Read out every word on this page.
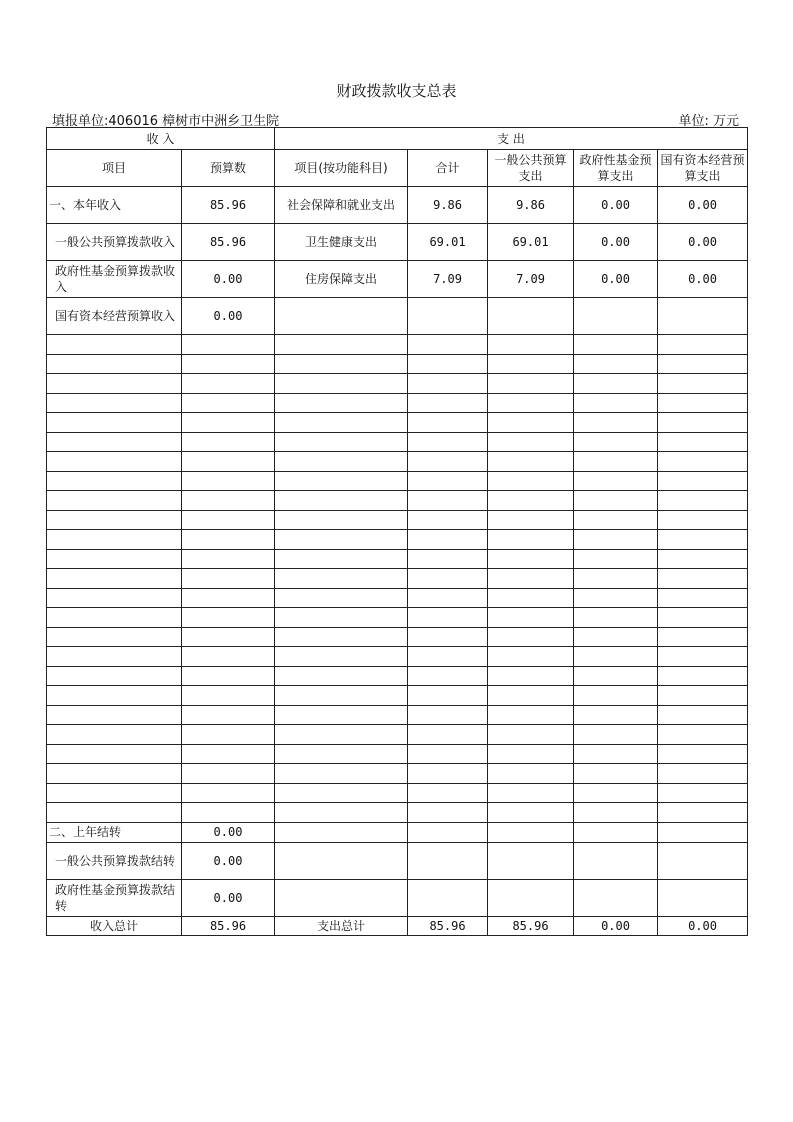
财政拨款收支总表
填报单位:406016 樟树市中洲乡卫生院	单位: 万元
收 入		支 出				
项目	预算数	项目(按功能科目)	合计	一般公共预算支出	政府性基金预算支出	国有资本经营预算支出
一、本年收入	85.96	社会保障和就业支出	9.86	9.86	0.00	0.00
一般公共预算拨款收入	85.96	卫生健康支出	69.01	69.01	0.00	0.00
政府性基金预算拨款收入	0.00	住房保障支出	7.09	7.09	0.00	0.00
国有资本经营预算收入	0.00					

二、上年结转	0.00					
一般公共预算拨款结转	0.00					
政府性基金预算拨款结转	0.00					
收入总计	85.96	支出总计	85.96	85.96	0.00	0.00
